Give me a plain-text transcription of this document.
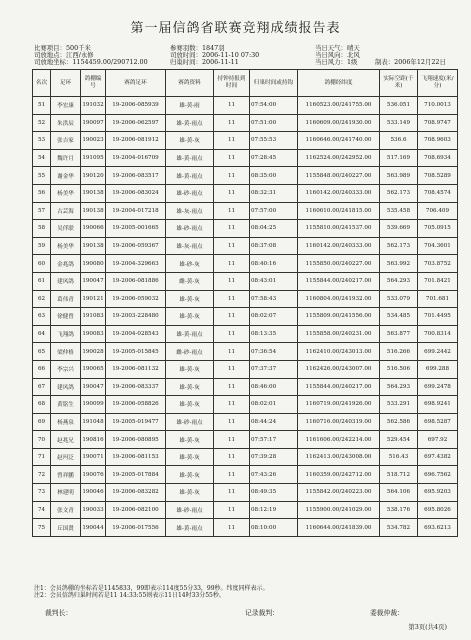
第一届信鸽省联赛竞翔成绩报告表
比赛项目：500千米
司放地点：江西/永修
司放地坐标：1154459.00/290712.00
参赛羽数：1847羽
司放时间：2006-11-10 07:30
归巢时间：2006-11-11
当日天气：晴天
当日风向：北风
当日风力：1级	制表：2006年12月22日
名次	足环	鸽棚编号	赛鸽足环	赛鸽资料	持钟持报到时间	归巢时间或持钩	鸽棚经纬度	实际空距(千米)	飞翔速度(米/分)
51	李宏康	191032	19-2006-085939	雄-黄-雨	11	07:54:00	1160523.00/241755.00	536.051	710.0013
52	朱洪辰	190097	19-2006-062597	雄-黄-雨点	11	07:51:00	1160609.00/241930.00	533.149	708.9747
53	张吉家	190023	19-2006-081912	雄-黄-灰	11	07:55:53	1160646.00/241740.00	536.6	708.9603
54	魏许月	191095	19-2004-016709	雄-黄-雨点	11	07:28:45	1162524.00/242952.00	517.169	708.6934
55	谢金华	190120	19-2006-083517	雄-黄-雨点	11	08:35:00	1155848.00/240227.00	563.989	708.5289
56	杨美华	190138	19-2006-083024	雄-砂-雨点	11	08:32:31	1160142.00/240333.00	562.173	708.4574
57	古芸海	190138	19-2004-017218	雄-灰-雨点	11	07:57:00	1160610.00/241815.00	535.458	706.409
58	吴伴联	190066	19-2005-001665	雄-砂-雨点	11	08:04:25	1155810.00/241537.00	539.669	705.0915
59	杨美华	190138	19-2006-059367	雄-灰-雨点	11	08:37:08	1160142.00/240333.00	562.173	704.3601
60	金兆鸽	190080	19-2004-329663	雄-砂-灰	11	08:40:16	1155850.00/240227.00	563.992	703.8752
61	建风鸽	190047	19-2006-081886	雌-黄-灰	11	08:43:01	1155844.00/240217.00	564.293	701.8421
62	葛伟青	190121	19-2006-059032	雄-黄-灰	11	07:58:43	1160804.00/241932.00	533.079	701.681
63	徐健曾	191083	19-2003-228480	雄-黄-灰	11	08:02:07	1155809.00/241556.00	534.485	701.4495
64	飞翔鸽	190083	19-2004-028543	雄-黄-雨点	11	08:13:35	1155858.00/240231.00	563.877	700.8314
65	梁仲格	190028	19-2005-015845	雌-砂-雨点	11	07:36:54	1162410.00/243013.00	516.266	699.2442
66	李宗兴	190065	19-2006-081132	雄-黄-灰	11	07:37:37	1162426.00/243007.00	516.506	699.288
67	建风鸽	190047	19-2006-083337	雄-黄-灰	11	08:46:00	1155844.00/240217.00	564.293	699.2478
68	黄铭生	190099	19-2006-058826	雄-黄-灰	11	08:02:01	1160719.00/241926.00	533.291	698.9241
69	杨燕泉	191048	19-2005-019477	雄-砂-雨点	11	08:44:24	1160716.00/240319.00	562.586	698.5287
70	赵兆兄	190816	19-2006-080895	雄-黄-灰	11	07:57:17	1161606.00/242214.00	529.454	697.92
71	赵玛泛	190071	19-2006-081153	雄-黄-灰	11	07:39:28	1162413.00/243008.00	516.43	697.4382
72	曾祥鹏	190076	19-2005-017884	雄-黄-灰	11	07:43:26	1160359.00/242712.00	518.712	696.7562
73	林建明	190046	19-2006-083282	雄-黄-灰	11	08:49:35	1155842.00/240223.00	564.106	695.9203
74	张文青	190033	19-2006-082100	雄-砂-雨点	11	08:12:19	1155900.00/241029.00	538.176	695.8026
75	丘国贤	190044	19-2006-017556	雄-黄-雨点	11	08:10:00	1160644.00/241839.00	534.782	693.6213
注1：会员鸽棚的坐标若是1145833，99即表示114度55分33，99秒。纬度同样表示。
注2：会员信鸽归巢时间若是11 14:33:55则表示11日14时33分55秒。
裁判长：	记录裁判：	委裁仲裁：
第3页(共4页)
